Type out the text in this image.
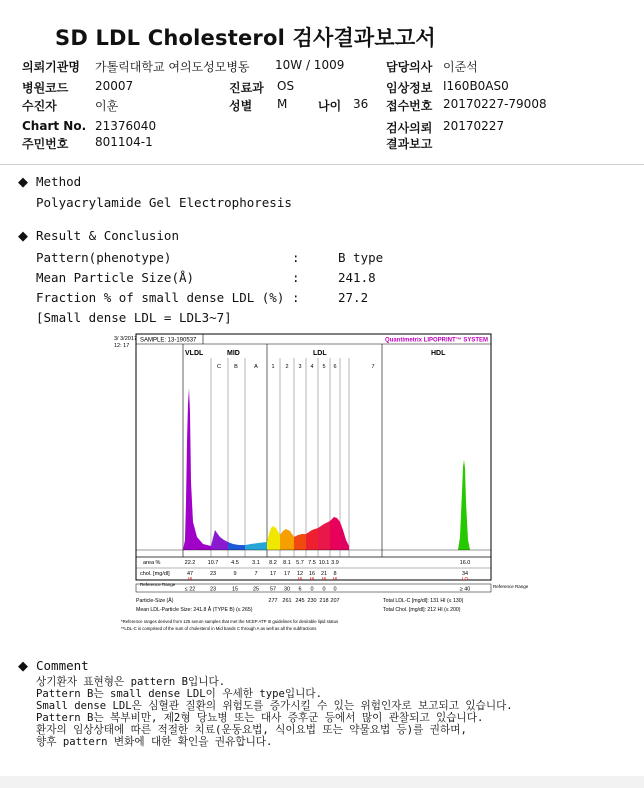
SD LDL Cholesterol 검사결과보고서
의뢰기관명 가톨릭대학교 여의도성모병동 10W / 1009	담당의사 이준석
병원코드 20007	진료과 OS	임상정보 I160B0AS0
수진자	이훈	성별 M	나이 36 접수번호 20170227-79008
Chart No. 21376040	검사의뢰 20170227
주민번호 801104-1	결과보고
◆ Method
Polyacrylamide Gel Electrophoresis
◆ Result & Conclusion
Pattern(phenotype)	:	B type
Mean Particle Size(Å)	:	241.8
Fraction % of small dense LDL (%) :	27.2
[Small dense LDL = LDL3~7]
3/ 3/2017
12: 17
SAMPLE: 13-190537	Quantimetrix LIPOPRINT™ SYSTEM
VLDL	MID	LDL	HDL
C B	A 1 2 3 4 5 6	7
area %	22.2 10.7 4.5 3.1 8.2 8.1 5.7 7.5 10.1 3.9	16.0
chol. [mg/dl]	47	23	9	7 17 17 12 16 21 8	34
HI	HI HI HI HI	LO
Reference Range
≤ 22	23	15	25 57 30 6 0 0 0	≥ 40	Reference Range
Particle-Size (Å)	277 261 245 230 218 207
Mean LDL-Particle Size: 241.8 Å (TYPE B) (≤ 265)
Total LDL-C [mg/dl]: 131 HI (≤ 130)
Total Chol. [mg/dl]: 212 HI (≤ 200)
*Reference ranges derived from 125 serum samples that met the NCEP ATP III guidelines for desirable lipid status
**LDL-C is comprised of the sum of cholesterol in Mid bands C through A as well as all the subfractions
◆ Comment
상기환자 표현형은 pattern B입니다.
Pattern B는 small dense LDL이 우세한 type입니다.
Small dense LDL은 심혈관 질환의 위험도를 증가시킬 수 있는 위험인자로 보고되고 있습니다.
Pattern B는 복부비만, 제2형 당뇨병 또는 대사 증후군 등에서 많이 관찰되고 있습니다.
환자의 임상상태에 따른 적절한 치료(운동요법, 식이요법 또는 약물요법 등)를 권하며,
향후 pattern 변화에 대한 확인을 권유합니다.
